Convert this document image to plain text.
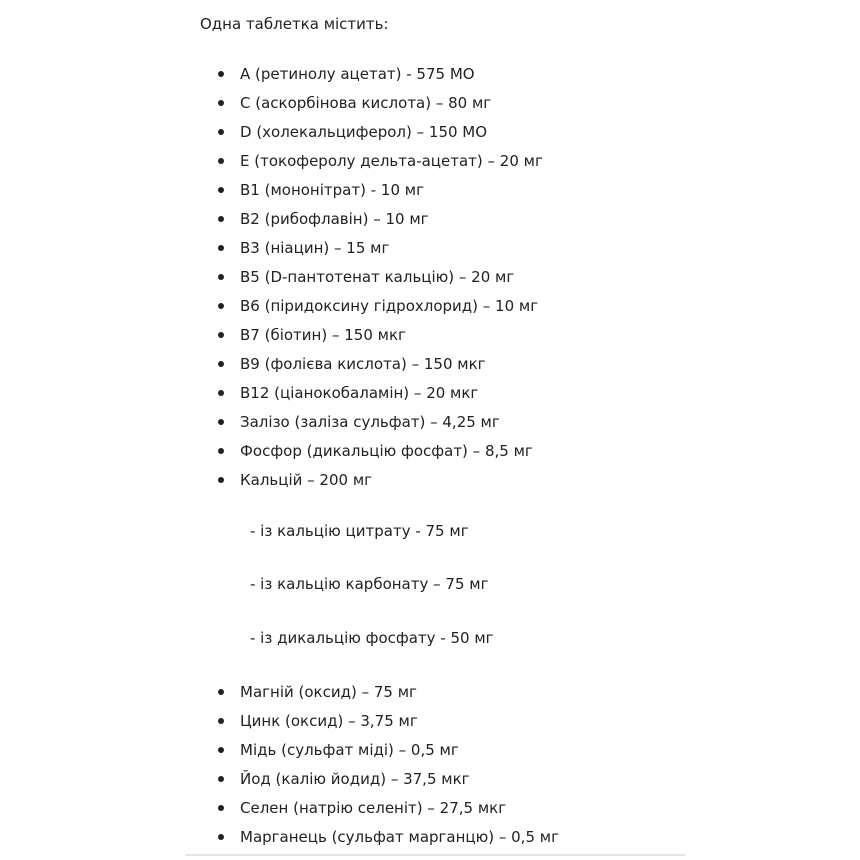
Одна таблетка містить:

A (ретинолу ацетат) - 575 МО
C (аскорбінова кислота) – 80 мг
D (холекальциферол) – 150 МО
E (токоферолу дельта-ацетат) – 20 мг
B1 (мононітрат) - 10 мг
B2 (рибофлавін) – 10 мг
B3 (ніацин) – 15 мг
B5 (D-пантотенат кальцію) – 20 мг
B6 (піридоксину гідрохлорид) – 10 мг
B7 (біотин) – 150 мкг
B9 (фолієва кислота) – 150 мкг
B12 (ціанокобаламін) – 20 мкг
Залізо (заліза сульфат) – 4,25 мг
Фосфор (дикальцію фосфат) – 8,5 мг
Кальцій – 200 мг

- із кальцію цитрату - 75 мг

- із кальцію карбонату – 75 мг

- із дикальцію фосфату - 50 мг

Магній (оксид) – 75 мг
Цинк (оксид) – 3,75 мг
Мідь (сульфат міді) – 0,5 мг
Йод (калію йодид) – 37,5 мкг
Селен (натрію селеніт) – 27,5 мкг
Марганець (сульфат марганцю) – 0,5 мг
